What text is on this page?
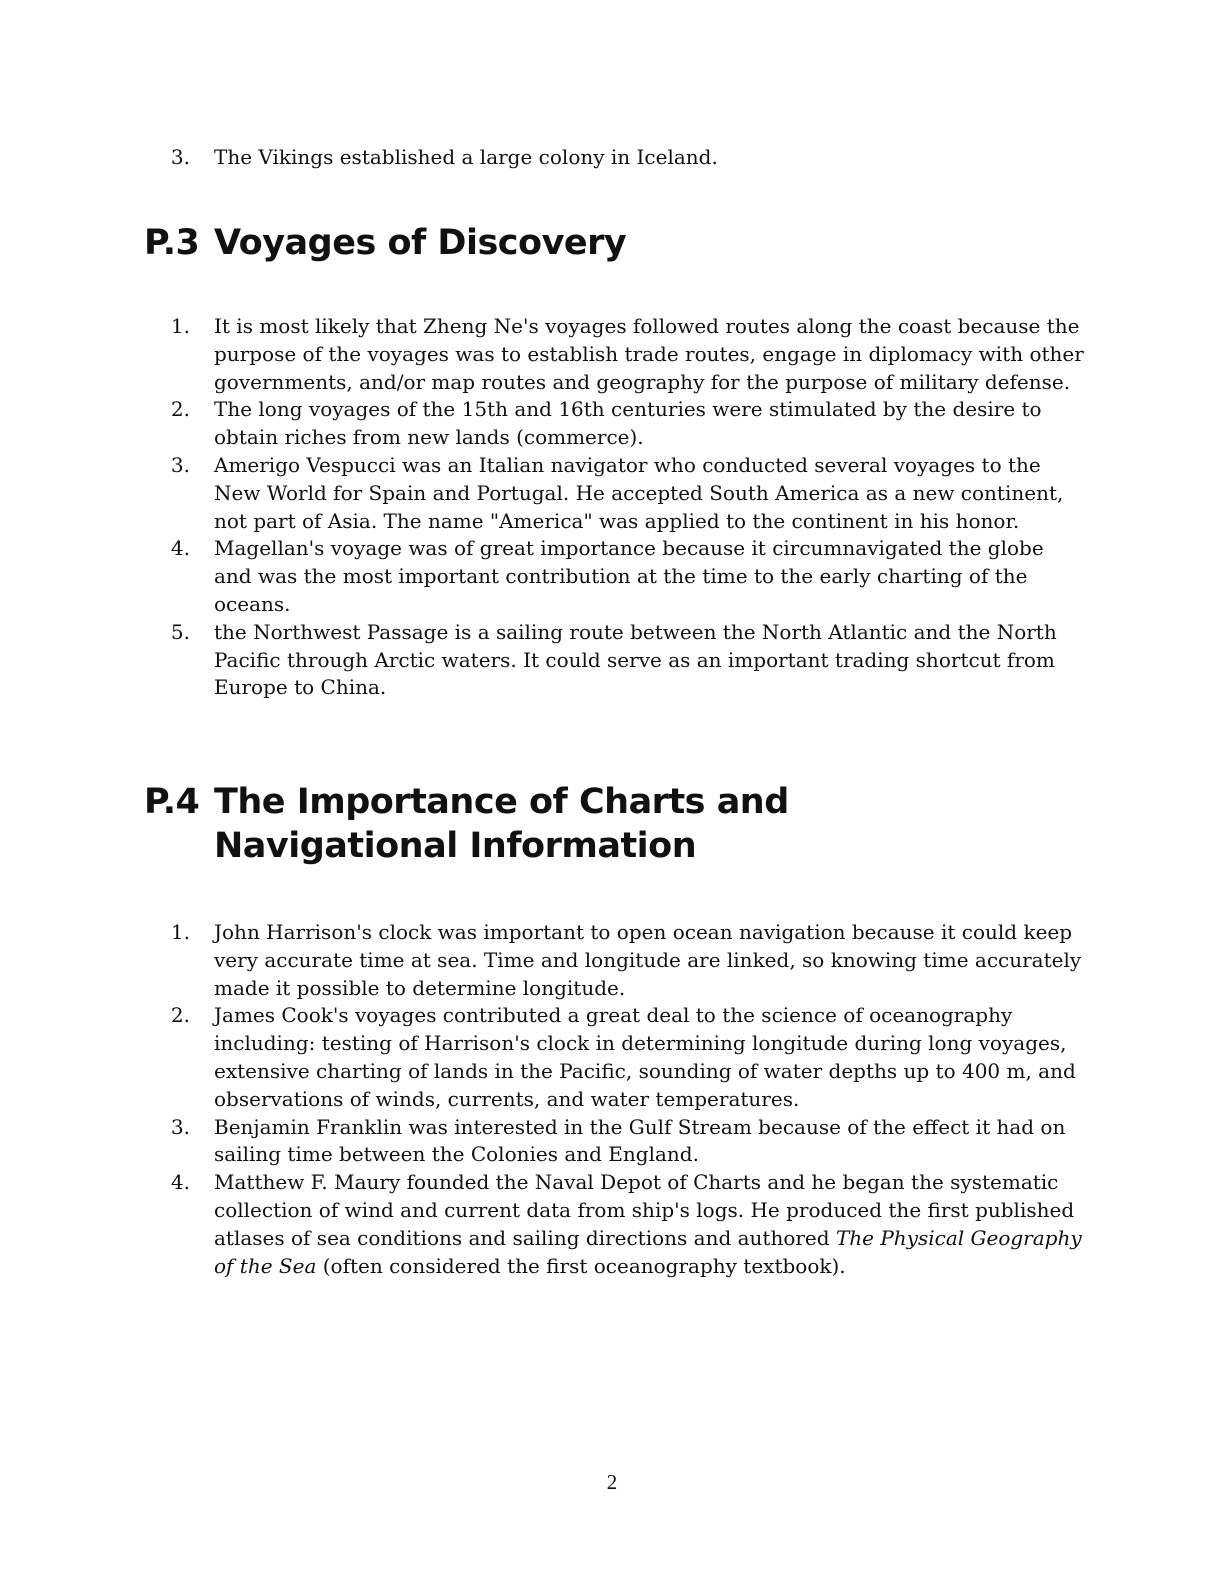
3. The Vikings established a large colony in Iceland.
P.3 Voyages of Discovery
1. It is most likely that Zheng Ne's voyages followed routes along the coast because the purpose of the voyages was to establish trade routes, engage in diplomacy with other governments, and/or map routes and geography for the purpose of military defense.
2. The long voyages of the 15th and 16th centuries were stimulated by the desire to obtain riches from new lands (commerce).
3. Amerigo Vespucci was an Italian navigator who conducted several voyages to the New World for Spain and Portugal. He accepted South America as a new continent, not part of Asia. The name "America" was applied to the continent in his honor.
4. Magellan's voyage was of great importance because it circumnavigated the globe and was the most important contribution at the time to the early charting of the oceans.
5. the Northwest Passage is a sailing route between the North Atlantic and the North Pacific through Arctic waters. It could serve as an important trading shortcut from Europe to China.
P.4 The Importance of Charts and Navigational Information
1. John Harrison's clock was important to open ocean navigation because it could keep very accurate time at sea. Time and longitude are linked, so knowing time accurately made it possible to determine longitude.
2. James Cook's voyages contributed a great deal to the science of oceanography including: testing of Harrison's clock in determining longitude during long voyages, extensive charting of lands in the Pacific, sounding of water depths up to 400 m, and observations of winds, currents, and water temperatures.
3. Benjamin Franklin was interested in the Gulf Stream because of the effect it had on sailing time between the Colonies and England.
4. Matthew F. Maury founded the Naval Depot of Charts and he began the systematic collection of wind and current data from ship's logs. He produced the first published atlases of sea conditions and sailing directions and authored The Physical Geography of the Sea (often considered the first oceanography textbook).
2
